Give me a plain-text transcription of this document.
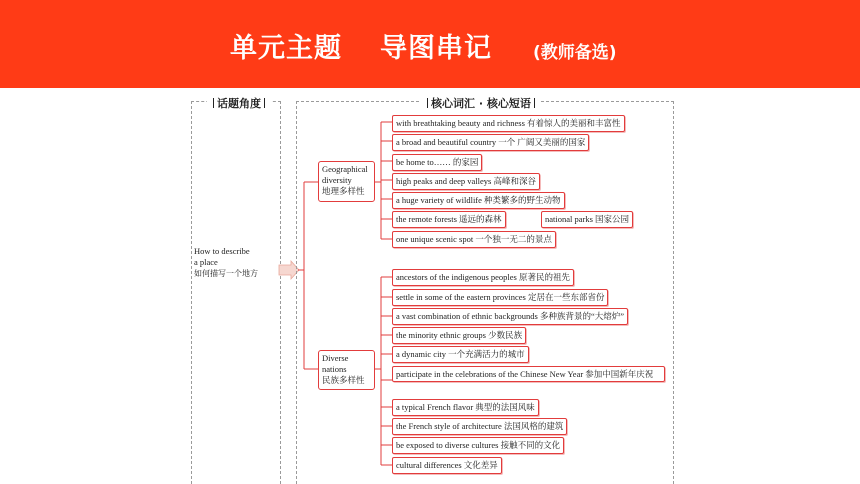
单元主题 导图串记 (教师备选)
话题角度
How to describe
a place
如何描写一个地方
核心词汇 · 核心短语
Geographical
diversity
地理多样性
with breathtaking beauty and richness 有着惊人的美丽和丰富性
a broad and beautiful country 一个 广阔又美丽的国家
be home to…… 的家园
high peaks and deep valleys 高峰和深谷
a huge variety of wildlife 种类繁多的野生动物
the remote forests 遥远的森林	national parks 国家公园
one unique scenic spot 一个独一无二的景点
Diverse
nations
民族多样性
ancestors of the indigenous peoples 原著民的祖先
settle in some of the eastern provinces 定居在一些东部省份
a vast combination of ethnic backgrounds 多种族背景的“大熔炉”
the minority ethnic groups 少数民族
a dynamic city 一个充满活力的城市
participate in the celebrations of the Chinese New Year 参加中国新年庆祝
a typical French flavor 典型的法国风味
the French style of architecture 法国风格的建筑
be exposed to diverse cultures 接触不同的文化
cultural differences 文化差异
